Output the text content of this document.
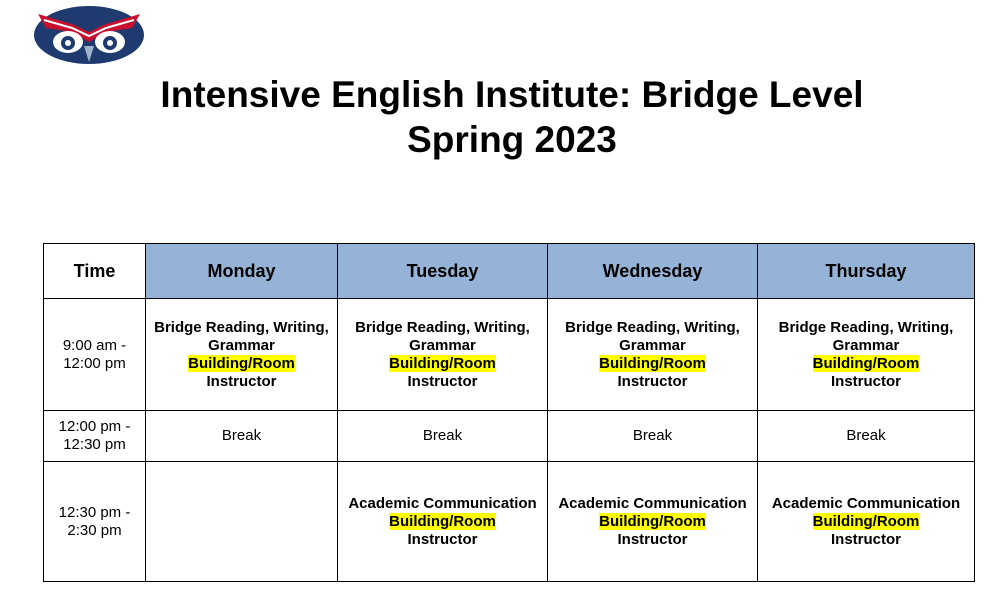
Intensive English Institute: Bridge Level
Spring 2023
Time	Monday	Tuesday	Wednesday	Thursday

9:00 am -
12:00 pm	Bridge Reading, Writing,
Grammar
Building/Room
Instructor	Bridge Reading, Writing,
Grammar
Building/Room
Instructor	Bridge Reading, Writing,
Grammar
Building/Room
Instructor	Bridge Reading, Writing,
Grammar
Building/Room
Instructor

12:00 pm -
12:30 pm	Break	Break	Break	Break

12:30 pm -
2:30 pm		Academic Communication
Building/Room
Instructor	Academic Communication
Building/Room
Instructor	Academic Communication
Building/Room
Instructor
